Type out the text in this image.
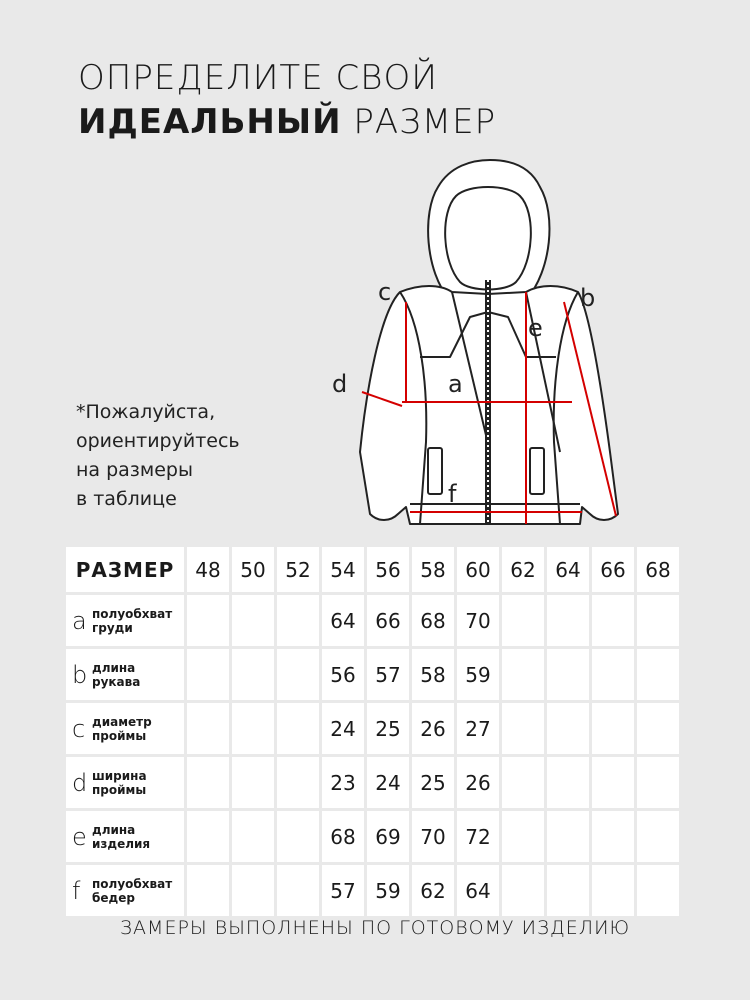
ОПРЕДЕЛИТЕ СВОЙ
ИДЕАЛЬНЫЙ РАЗМЕР
*Пожалуйста,
ориентируйтесь
на размеры
в таблице
a
b
c
d
e
f
РАЗМЕР	48	50	52	54	56	58	60	62	64	66	68
a полуобхват
груди				64	66	68	70				
b длина
рукава				56	57	58	59				
c диаметр
проймы				24	25	26	27				
d ширина
проймы				23	24	25	26				
e длина
изделия				68	69	70	72				
f полуобхват
бедер				57	59	62	64				
ЗАМЕРЫ ВЫПОЛНЕНЫ ПО ГОТОВОМУ ИЗДЕЛИЮ
